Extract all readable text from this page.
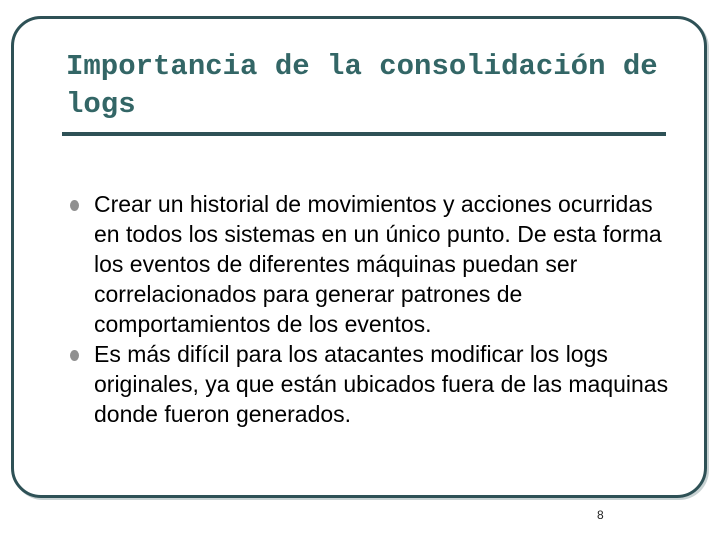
Importancia de la consolidación de logs
Crear un historial de movimientos y acciones ocurridas en todos los sistemas en un único punto. De esta forma los eventos de diferentes máquinas puedan ser correlacionados para generar patrones de comportamientos de los eventos.
Es más difícil para los atacantes modificar los logs originales, ya que están ubicados fuera de las maquinas donde fueron generados.
8
